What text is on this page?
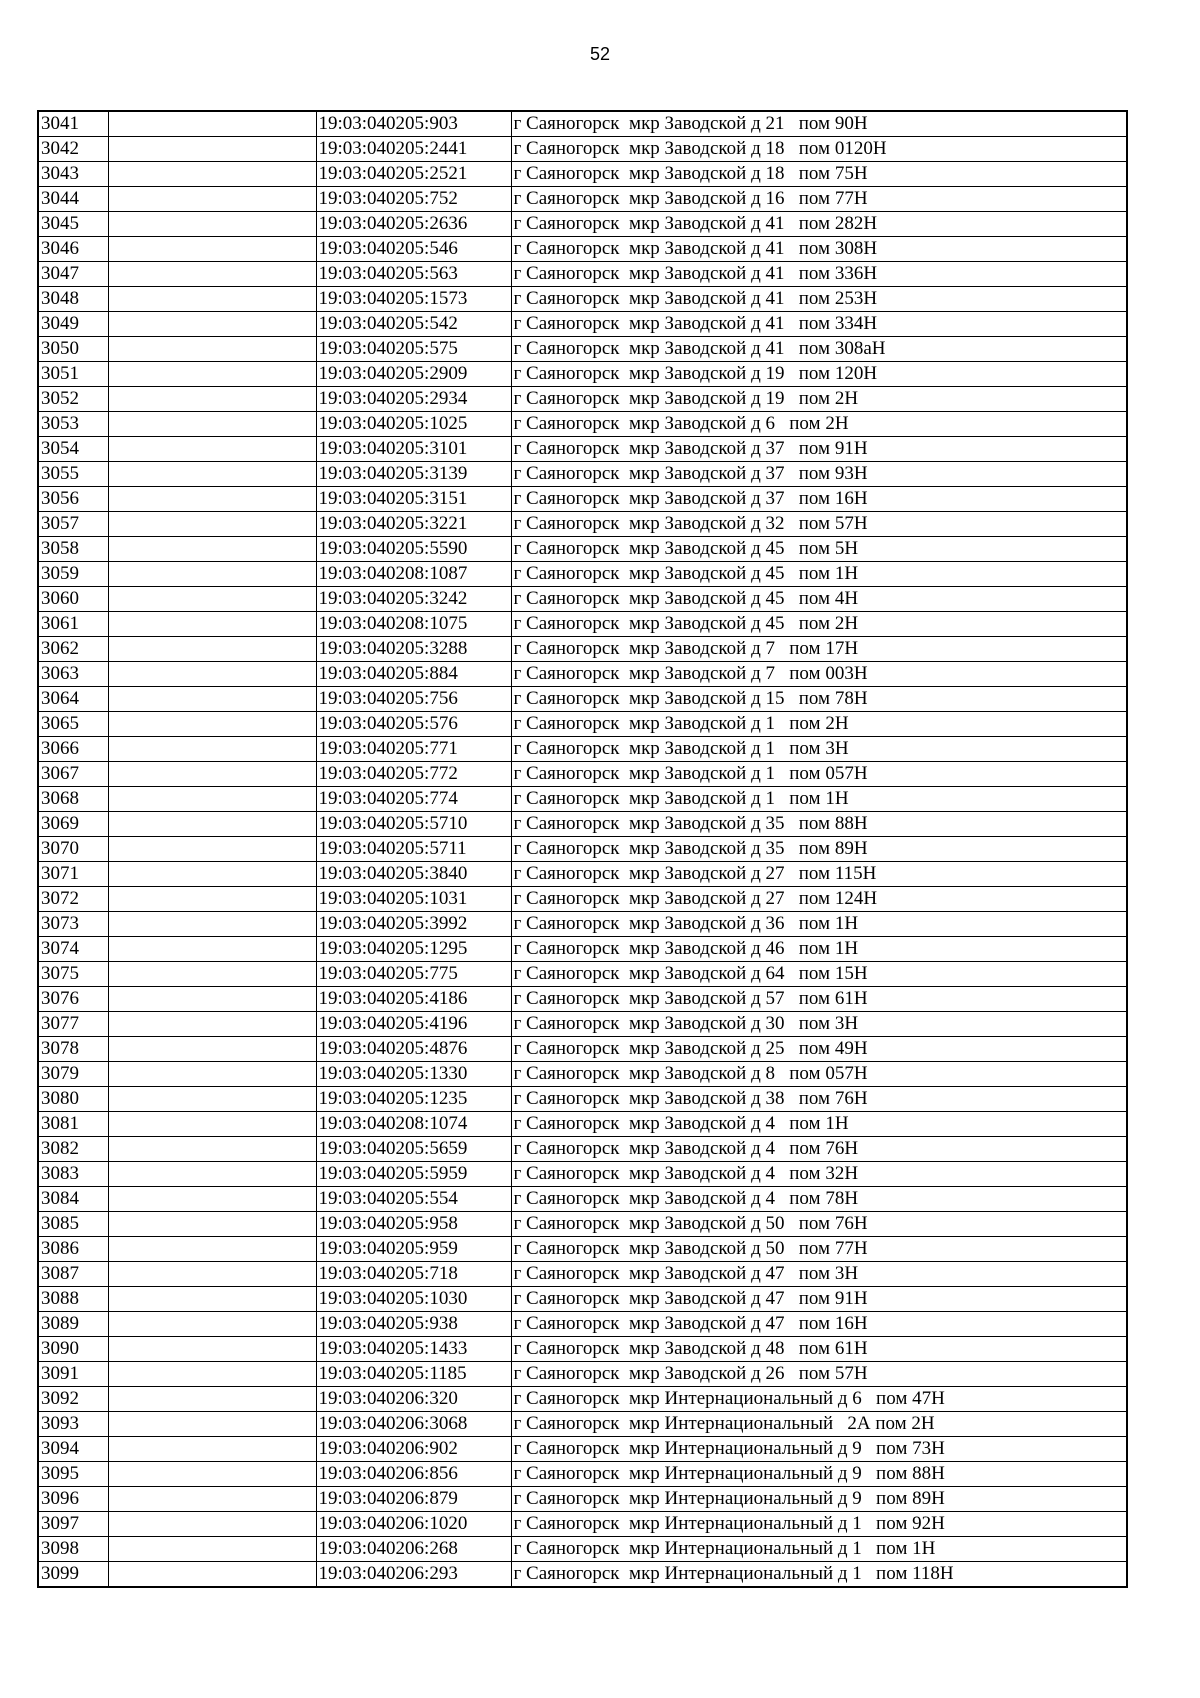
52
3041		19:03:040205:903	г Саяногорск  мкр Заводской д 21   пом 90Н
3042		19:03:040205:2441	г Саяногорск  мкр Заводской д 18   пом 0120Н
3043		19:03:040205:2521	г Саяногорск  мкр Заводской д 18   пом 75Н
3044		19:03:040205:752	г Саяногорск  мкр Заводской д 16   пом 77Н
3045		19:03:040205:2636	г Саяногорск  мкр Заводской д 41   пом 282Н
3046		19:03:040205:546	г Саяногорск  мкр Заводской д 41   пом 308Н
3047		19:03:040205:563	г Саяногорск  мкр Заводской д 41   пом 336Н
3048		19:03:040205:1573	г Саяногорск  мкр Заводской д 41   пом 253Н
3049		19:03:040205:542	г Саяногорск  мкр Заводской д 41   пом 334Н
3050		19:03:040205:575	г Саяногорск  мкр Заводской д 41   пом 308аН
3051		19:03:040205:2909	г Саяногорск  мкр Заводской д 19   пом 120Н
3052		19:03:040205:2934	г Саяногорск  мкр Заводской д 19   пом 2Н
3053		19:03:040205:1025	г Саяногорск  мкр Заводской д 6   пом 2Н
3054		19:03:040205:3101	г Саяногорск  мкр Заводской д 37   пом 91Н
3055		19:03:040205:3139	г Саяногорск  мкр Заводской д 37   пом 93Н
3056		19:03:040205:3151	г Саяногорск  мкр Заводской д 37   пом 16Н
3057		19:03:040205:3221	г Саяногорск  мкр Заводской д 32   пом 57Н
3058		19:03:040205:5590	г Саяногорск  мкр Заводской д 45   пом 5Н
3059		19:03:040208:1087	г Саяногорск  мкр Заводской д 45   пом 1Н
3060		19:03:040205:3242	г Саяногорск  мкр Заводской д 45   пом 4Н
3061		19:03:040208:1075	г Саяногорск  мкр Заводской д 45   пом 2Н
3062		19:03:040205:3288	г Саяногорск  мкр Заводской д 7   пом 17Н
3063		19:03:040205:884	г Саяногорск  мкр Заводской д 7   пом 003Н
3064		19:03:040205:756	г Саяногорск  мкр Заводской д 15   пом 78Н
3065		19:03:040205:576	г Саяногорск  мкр Заводской д 1   пом 2Н
3066		19:03:040205:771	г Саяногорск  мкр Заводской д 1   пом 3Н
3067		19:03:040205:772	г Саяногорск  мкр Заводской д 1   пом 057Н
3068		19:03:040205:774	г Саяногорск  мкр Заводской д 1   пом 1Н
3069		19:03:040205:5710	г Саяногорск  мкр Заводской д 35   пом 88Н
3070		19:03:040205:5711	г Саяногорск  мкр Заводской д 35   пом 89Н
3071		19:03:040205:3840	г Саяногорск  мкр Заводской д 27   пом 115Н
3072		19:03:040205:1031	г Саяногорск  мкр Заводской д 27   пом 124Н
3073		19:03:040205:3992	г Саяногорск  мкр Заводской д 36   пом 1Н
3074		19:03:040205:1295	г Саяногорск  мкр Заводской д 46   пом 1Н
3075		19:03:040205:775	г Саяногорск  мкр Заводской д 64   пом 15Н
3076		19:03:040205:4186	г Саяногорск  мкр Заводской д 57   пом 61Н
3077		19:03:040205:4196	г Саяногорск  мкр Заводской д 30   пом 3Н
3078		19:03:040205:4876	г Саяногорск  мкр Заводской д 25   пом 49Н
3079		19:03:040205:1330	г Саяногорск  мкр Заводской д 8   пом 057Н
3080		19:03:040205:1235	г Саяногорск  мкр Заводской д 38   пом 76Н
3081		19:03:040208:1074	г Саяногорск  мкр Заводской д 4   пом 1Н
3082		19:03:040205:5659	г Саяногорск  мкр Заводской д 4   пом 76Н
3083		19:03:040205:5959	г Саяногорск  мкр Заводской д 4   пом 32Н
3084		19:03:040205:554	г Саяногорск  мкр Заводской д 4   пом 78Н
3085		19:03:040205:958	г Саяногорск  мкр Заводской д 50   пом 76Н
3086		19:03:040205:959	г Саяногорск  мкр Заводской д 50   пом 77Н
3087		19:03:040205:718	г Саяногорск  мкр Заводской д 47   пом 3Н
3088		19:03:040205:1030	г Саяногорск  мкр Заводской д 47   пом 91Н
3089		19:03:040205:938	г Саяногорск  мкр Заводской д 47   пом 16Н
3090		19:03:040205:1433	г Саяногорск  мкр Заводской д 48   пом 61Н
3091		19:03:040205:1185	г Саяногорск  мкр Заводской д 26   пом 57Н
3092		19:03:040206:320	г Саяногорск  мкр Интернациональный д 6   пом 47Н
3093		19:03:040206:3068	г Саяногорск  мкр Интернациональный   2А пом 2Н
3094		19:03:040206:902	г Саяногорск  мкр Интернациональный д 9   пом 73Н
3095		19:03:040206:856	г Саяногорск  мкр Интернациональный д 9   пом 88Н
3096		19:03:040206:879	г Саяногорск  мкр Интернациональный д 9   пом 89Н
3097		19:03:040206:1020	г Саяногорск  мкр Интернациональный д 1   пом 92Н
3098		19:03:040206:268	г Саяногорск  мкр Интернациональный д 1   пом 1Н
3099		19:03:040206:293	г Саяногорск  мкр Интернациональный д 1   пом 118Н
